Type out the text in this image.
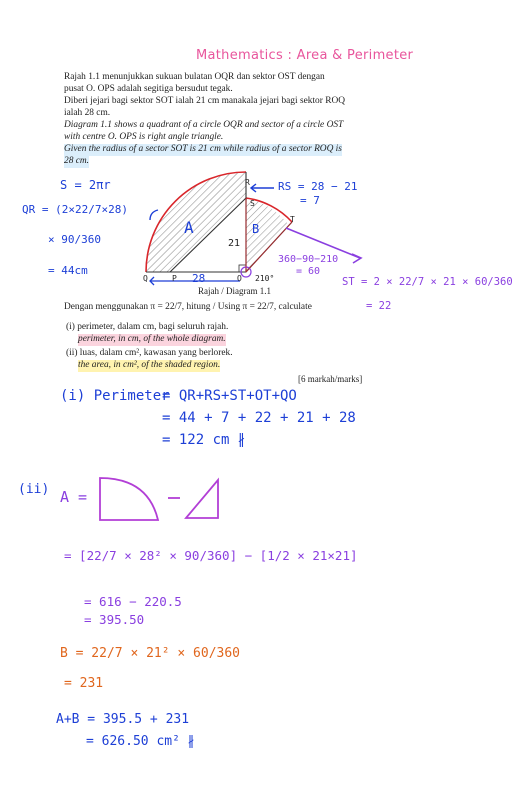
Mathematics : Area & Perimeter
Rajah 1.1 menunjukkan sukuan bulatan OQR dan sektor OST dengan
pusat O. OPS adalah segitiga bersudut tegak.
Diberi jejari bagi sektor SOT ialah 21 cm manakala jejari bagi sektor ROQ
ialah 28 cm.
Diagram 1.1 shows a quadrant of a circle OQR and sector of a circle OST
with centre O. OPS is right angle triangle.
Given the radius of a sector SOT is 21 cm while radius of a sector ROQ is
28 cm.
R
S
T
Q	P	O
A	B
21
28	210°
Rajah / Diagram 1.1
S = 2πr
QR = (2×22/7×28)
× 90/360
= 44cm
RS = 28 − 21
= 7
360−90−210
= 60
ST = 2 × 22/7 × 21 × 60/360
= 22
Dengan menggunakan π = 22/7, hitung / Using π = 22/7, calculate
(i) perimeter, dalam cm, bagi seluruh rajah.
perimeter, in cm, of the whole diagram.
(ii) luas, dalam cm², kawasan yang berlorek.
the area, in cm², of the shaded region.
[6 markah/marks]
(i) Perimeter
= QR+RS+ST+OT+QO
= 44 + 7 + 22 + 21 + 28
= 122 cm ∦
(ii) A =
= [22/7 × 28² × 90/360] − [1/2 × 21×21]
= 616 − 220.5
= 395.50
B = 22/7 × 21² × 60/360
= 231
A+B = 395.5 + 231
= 626.50 cm² ∦
